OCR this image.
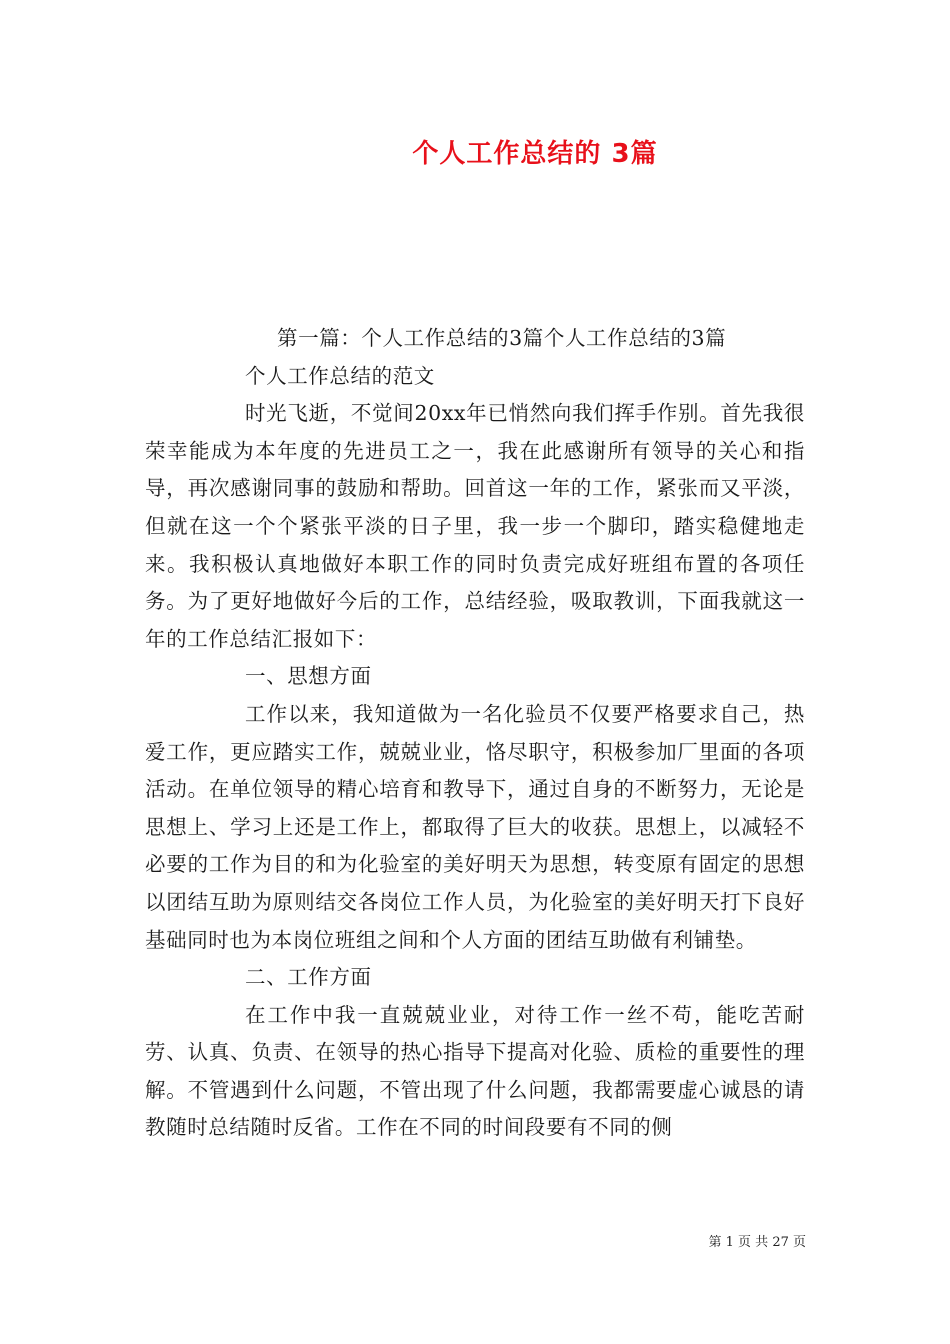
个人工作总结的 3篇

第一篇：个人工作总结的3篇个人工作总结的3篇

个人工作总结的范文

时光飞逝，不觉间20xx年已悄然向我们挥手作别。首先我很荣幸能成为本年度的先进员工之一，我在此感谢所有领导的关心和指导，再次感谢同事的鼓励和帮助。回首这一年的工作，紧张而又平淡，但就在这一个个紧张平淡的日子里，我一步一个脚印，踏实稳健地走来。我积极认真地做好本职工作的同时负责完成好班组布置的各项任务。为了更好地做好今后的工作，总结经验，吸取教训，下面我就这一年的工作总结汇报如下：

一、思想方面

工作以来，我知道做为一名化验员不仅要严格要求自己，热爱工作，更应踏实工作，兢兢业业，恪尽职守，积极参加厂里面的各项活动。在单位领导的精心培育和教导下，通过自身的不断努力，无论是思想上、学习上还是工作上，都取得了巨大的收获。思想上，以减轻不必要的工作为目的和为化验室的美好明天为思想，转变原有固定的思想以团结互助为原则结交各岗位工作人员，为化验室的美好明天打下良好基础同时也为本岗位班组之间和个人方面的团结互助做有利铺垫。

二、工作方面

在工作中我一直兢兢业业，对待工作一丝不苟，能吃苦耐劳、认真、负责、在领导的热心指导下提高对化验、质检的重要性的理解。不管遇到什么问题，不管出现了什么问题，我都需要虚心诚恳的请教随时总结随时反省。工作在不同的时间段要有不同的侧

第 1 页 共 27 页
